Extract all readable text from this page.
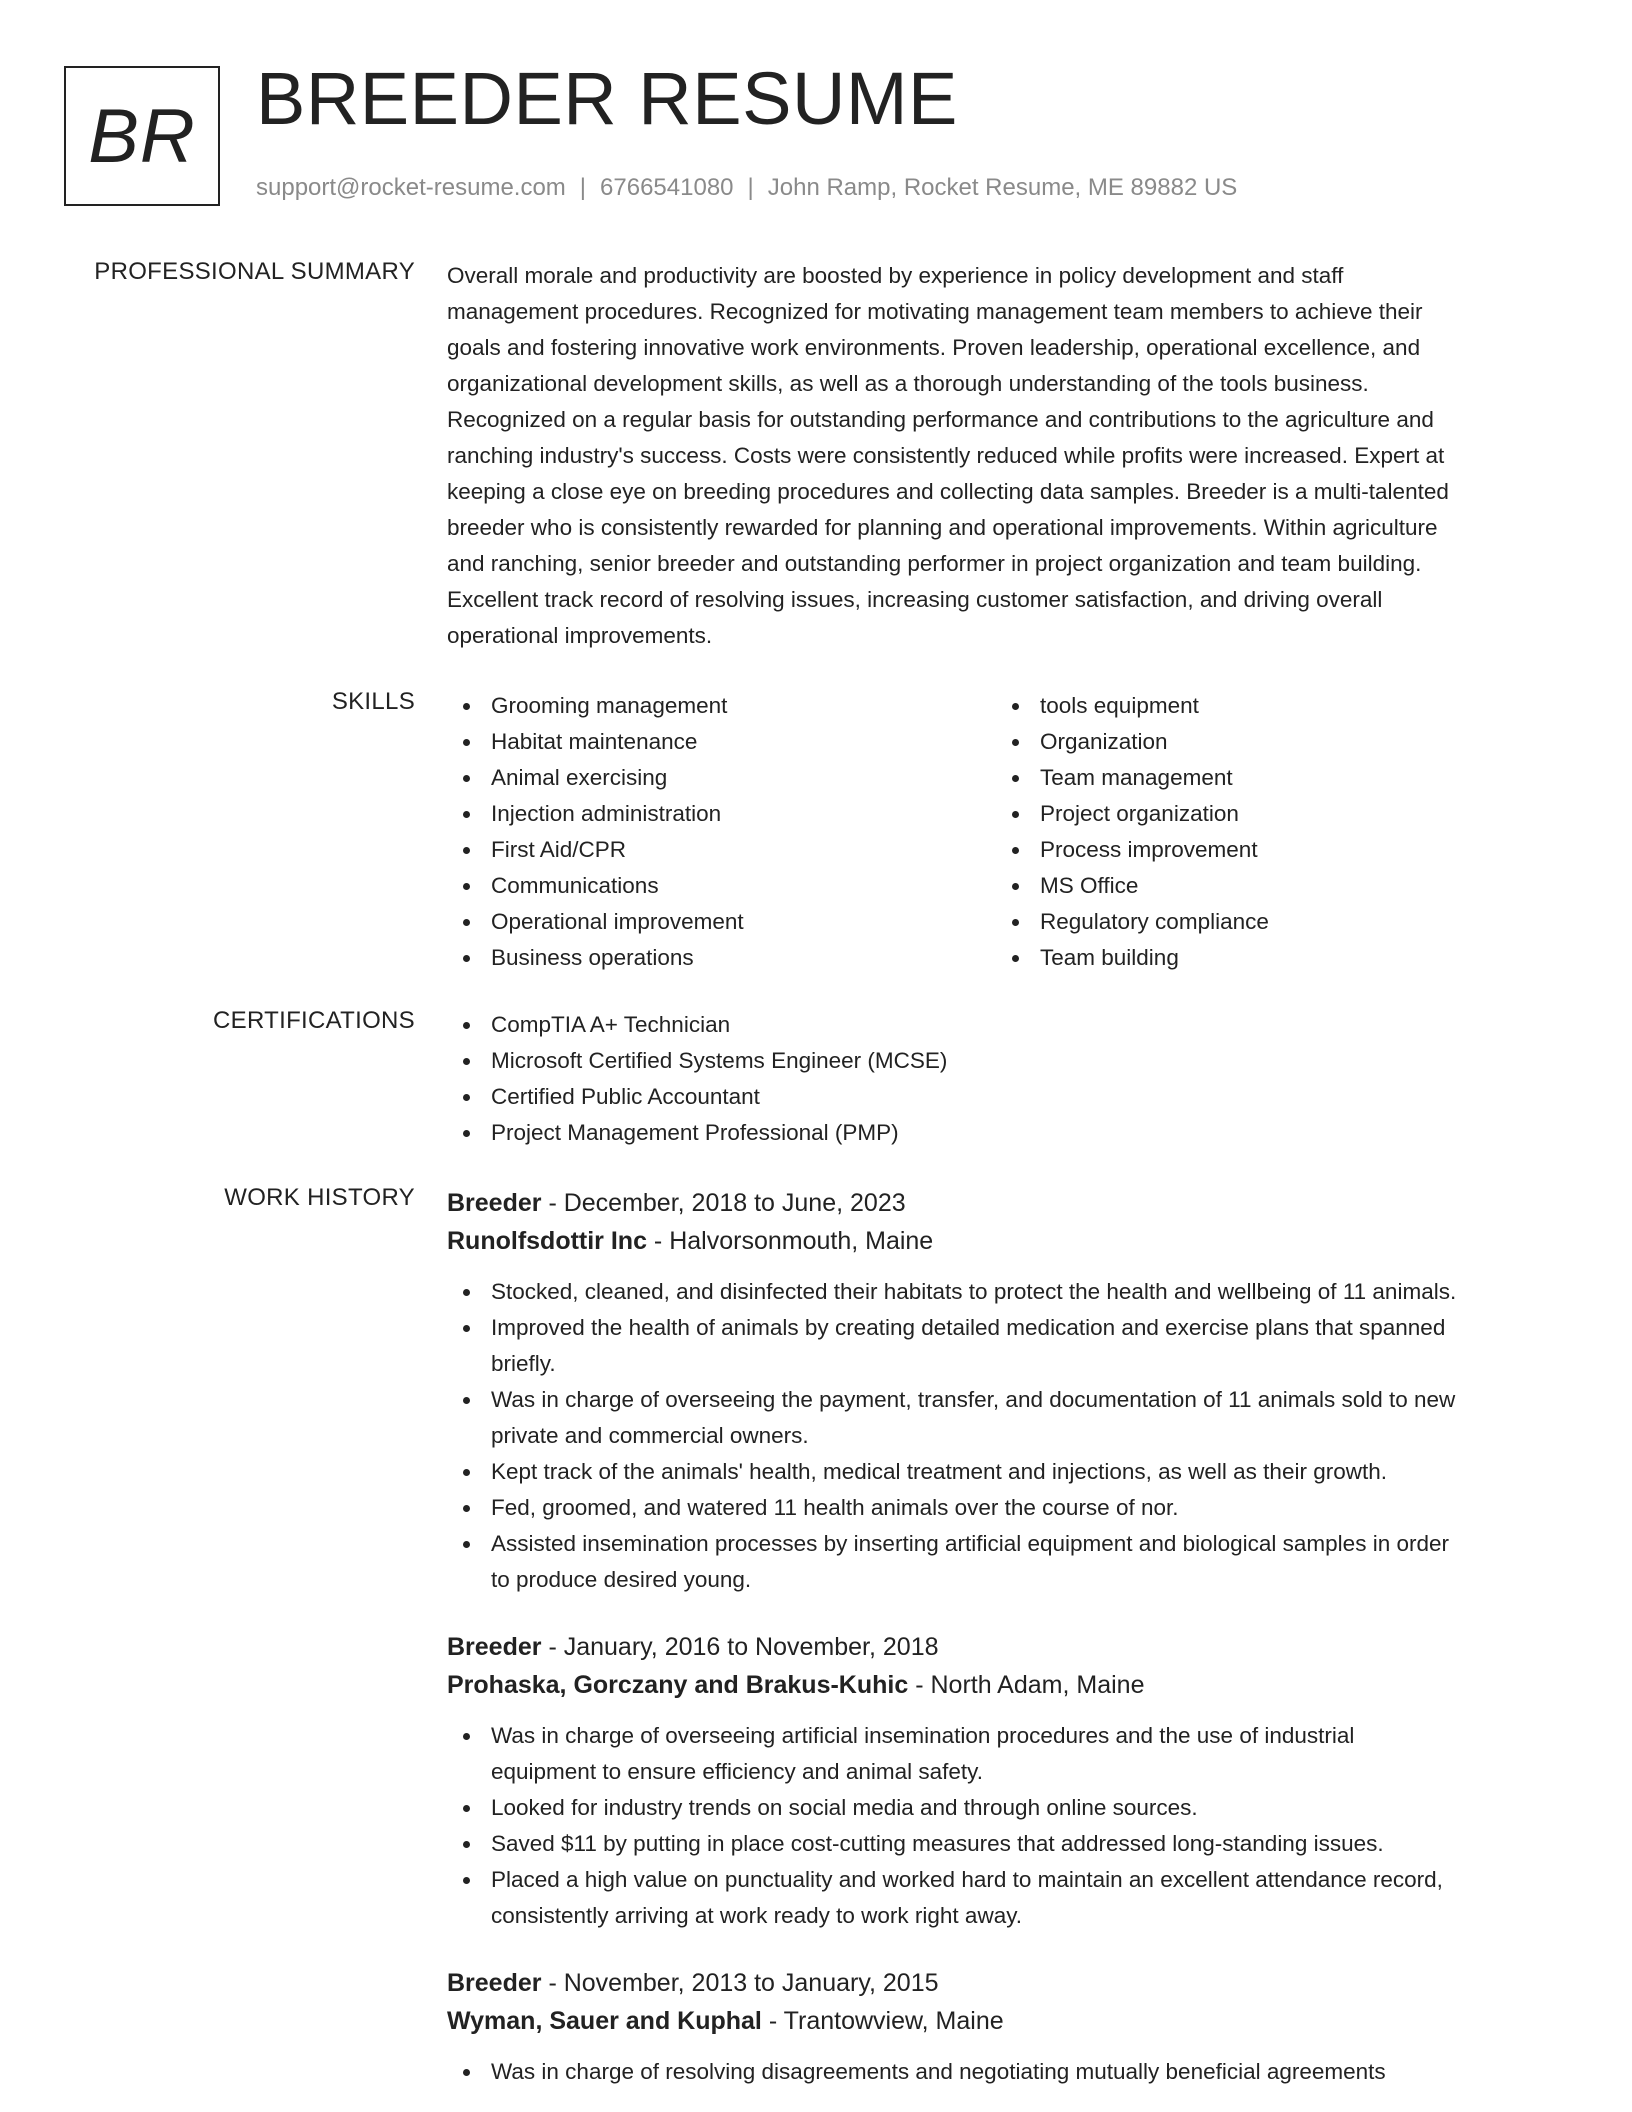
BR BREEDER RESUME
support@rocket-resume.com | 6766541080 | John Ramp, Rocket Resume, ME 89882 US
PROFESSIONAL SUMMARY Overall morale and productivity are boosted by experience in policy development and staff
management procedures. Recognized for motivating management team members to achieve their
goals and fostering innovative work environments. Proven leadership, operational excellence, and
organizational development skills, as well as a thorough understanding of the tools business.
Recognized on a regular basis for outstanding performance and contributions to the agriculture and
ranching industry's success. Costs were consistently reduced while profits were increased. Expert at
keeping a close eye on breeding procedures and collecting data samples. Breeder is a multi-talented
breeder who is consistently rewarded for planning and operational improvements. Within agriculture
and ranching, senior breeder and outstanding performer in project organization and team building.
Excellent track record of resolving issues, increasing customer satisfaction, and driving overall
operational improvements.
SKILLS	Grooming management
Habitat maintenance
Animal exercising
Injection administration
First Aid/CPR
Communications
Operational improvement
Business operations
tools equipment
Organization
Team management
Project organization
Process improvement
MS Office
Regulatory compliance
Team building
CERTIFICATIONS	CompTIA A+ Technician
Microsoft Certified Systems Engineer (MCSE)
Certified Public Accountant
Project Management Professional (PMP)
WORK HISTORY Breeder - December, 2018 to June, 2023
Runolfsdottir Inc - Halvorsonmouth, Maine
Stocked, cleaned, and disinfected their habitats to protect the health and wellbeing of 11 animals.
Improved the health of animals by creating detailed medication and exercise plans that spanned
briefly.
Was in charge of overseeing the payment, transfer, and documentation of 11 animals sold to new
private and commercial owners.
Kept track of the animals' health, medical treatment and injections, as well as their growth.
Fed, groomed, and watered 11 health animals over the course of nor.
Assisted insemination processes by inserting artificial equipment and biological samples in order
to produce desired young.
Breeder - January, 2016 to November, 2018
Prohaska, Gorczany and Brakus-Kuhic - North Adam, Maine
Was in charge of overseeing artificial insemination procedures and the use of industrial
equipment to ensure efficiency and animal safety.
Looked for industry trends on social media and through online sources.
Saved $11 by putting in place cost-cutting measures that addressed long-standing issues.
Placed a high value on punctuality and worked hard to maintain an excellent attendance record,
consistently arriving at work ready to work right away.
Breeder - November, 2013 to January, 2015
Wyman, Sauer and Kuphal - Trantowview, Maine
Was in charge of resolving disagreements and negotiating mutually beneficial agreements
